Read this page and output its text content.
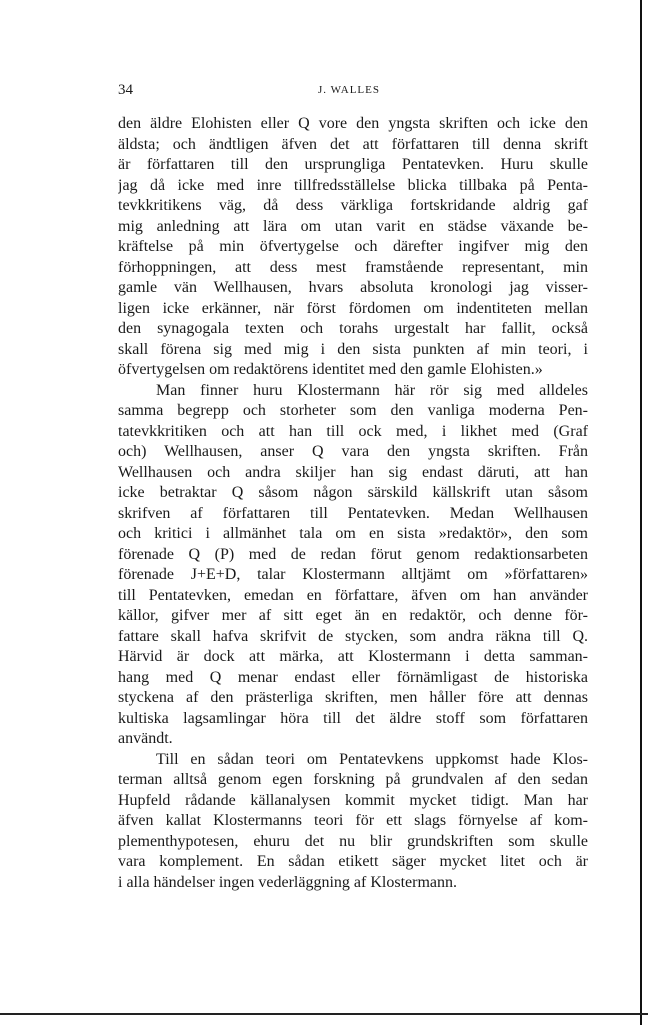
34	J. WALLES
den äldre Elohisten eller Q vore den yngsta skriften och icke den
äldsta; och ändtligen äfven det att författaren till denna skrift
är författaren till den ursprungliga Pentatevken. Huru skulle
jag då icke med inre tillfredsställelse blicka tillbaka på Penta-
tevkkritikens väg, då dess värkliga fortskridande aldrig gaf
mig anledning att lära om utan varit en städse växande be-
kräftelse på min öfvertygelse och därefter ingifver mig den
förhoppningen, att dess mest framstående representant, min
gamle vän Wellhausen, hvars absoluta kronologi jag visser-
ligen icke erkänner, när först fördomen om indentiteten mellan
den synagogala texten och torahs urgestalt har fallit, också
skall förena sig med mig i den sista punkten af min teori, i
öfvertygelsen om redaktörens identitet med den gamle Elohisten.»
Man finner huru Klostermann här rör sig med alldeles
samma begrepp och storheter som den vanliga moderna Pen-
tatevkkritiken och att han till ock med, i likhet med (Graf
och) Wellhausen, anser Q vara den yngsta skriften. Från
Wellhausen och andra skiljer han sig endast däruti, att han
icke betraktar Q såsom någon särskild källskrift utan såsom
skrifven af författaren till Pentatevken. Medan Wellhausen
och kritici i allmänhet tala om en sista »redaktör», den som
förenade Q (P) med de redan förut genom redaktionsarbeten
förenade J+E+D, talar Klostermann alltjämt om »författaren»
till Pentatevken, emedan en författare, äfven om han använder
källor, gifver mer af sitt eget än en redaktör, och denne för-
fattare skall hafva skrifvit de stycken, som andra räkna till Q.
Härvid är dock att märka, att Klostermann i detta samman-
hang med Q menar endast eller förnämligast de historiska
styckena af den prästerliga skriften, men håller före att dennas
kultiska lagsamlingar höra till det äldre stoff som författaren
användt.
Till en sådan teori om Pentatevkens uppkomst hade Klos-
terman alltså genom egen forskning på grundvalen af den sedan
Hupfeld rådande källanalysen kommit mycket tidigt. Man har
äfven kallat Klostermanns teori för ett slags förnyelse af kom-
plementhypotesen, ehuru det nu blir grundskriften som skulle
vara komplement. En sådan etikett säger mycket litet och är
i alla händelser ingen vederläggning af Klostermann.
